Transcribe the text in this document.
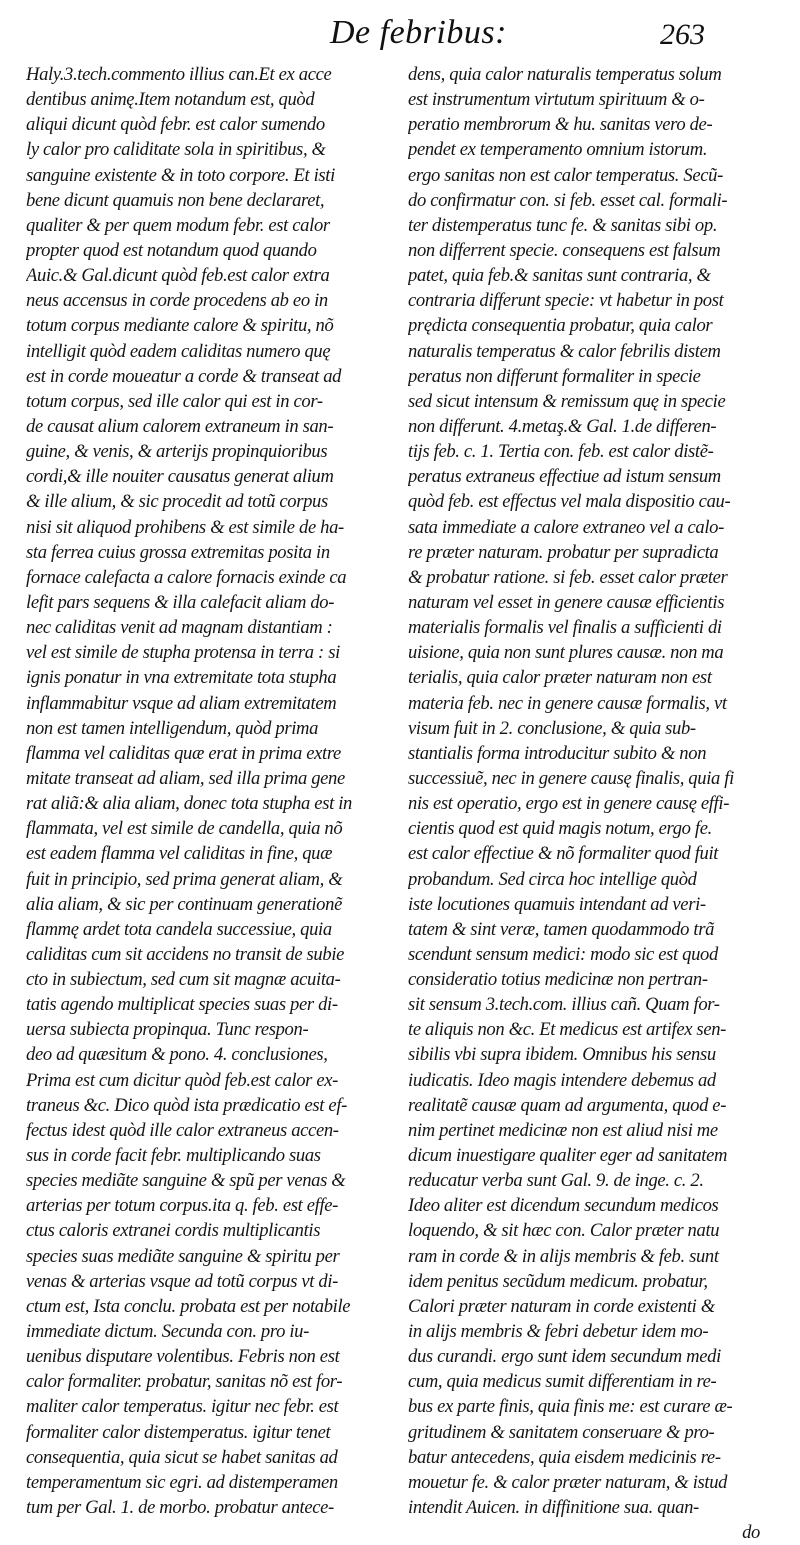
De febribus:	263
Haly.3.tech.commento illius can.Et ex acce
dentibus animę.Item notandum est, quòd
aliqui dicunt quòd febr. est calor sumendo
ly calor pro caliditate sola in spiritibus, &
sanguine existente & in toto corpore. Et isti
bene dicunt quamuis non bene declararet,
qualiter & per quem modum febr. est calor
propter quod est notandum quod quando
Auic.& Gal.dicunt quòd feb.est calor extra
neus accensus in corde procedens ab eo in
totum corpus mediante calore & spiritu, nõ
intelligit quòd eadem caliditas numero quę
est in corde moueatur a corde & transeat ad
totum corpus, sed ille calor qui est in cor-
de causat alium calorem extraneum in san-
guine, & venis, & arterijs propinquioribus
cordi,& ille nouiter causatus generat alium
& ille alium, & sic procedit ad totũ corpus
nisi sit aliquod prohibens & est simile de ha-
sta ferrea cuius grossa extremitas posita in
fornace calefacta a calore fornacis exinde ca
lefit pars sequens & illa calefacit aliam do-
nec caliditas venit ad magnam distantiam :
vel est simile de stupha protensa in terra : si
ignis ponatur in vna extremitate tota stupha
inflammabitur vsque ad aliam extremitatem
non est tamen intelligendum, quòd prima
flamma vel caliditas quæ erat in prima extre
mitate transeat ad aliam, sed illa prima gene
rat aliã:& alia aliam, donec tota stupha est in
flammata, vel est simile de candella, quia nõ
est eadem flamma vel caliditas in fine, quæ
fuit in principio, sed prima generat aliam, &
alia aliam, & sic per continuam generationẽ
flammę ardet tota candela successiue, quia
caliditas cum sit accidens no transit de subie
cto in subiectum, sed cum sit magnæ acuita-
tatis agendo multiplicat species suas per di-
uersa subiecta propinqua. Tunc respon-
deo ad quæsitum & pono. 4. conclusiones,
Prima est cum dicitur quòd feb.est calor ex-
traneus &c. Dico quòd ista prædicatio est ef-
fectus idest quòd ille calor extraneus accen-
sus in corde facit febr. multiplicando suas
species mediãte sanguine & spũ per venas &
arterias per totum corpus.ita q. feb. est effe-
ctus caloris extranei cordis multiplicantis
species suas mediãte sanguine & spiritu per
venas & arterias vsque ad totũ corpus vt di-
ctum est, Ista conclu. probata est per notabile
immediate dictum. Secunda con. pro iu-
uenibus disputare volentibus. Febris non est
calor formaliter. probatur, sanitas nõ est for-
maliter calor temperatus. igitur nec febr. est
formaliter calor distemperatus. igitur tenet
consequentia, quia sicut se habet sanitas ad
temperamentum sic egri. ad distemperamen
tum per Gal. 1. de morbo. probatur antece-
dens, quia calor naturalis temperatus solum
est instrumentum virtutum spirituum & o-
peratio membrorum & hu. sanitas vero de-
pendet ex temperamento omnium istorum.
ergo sanitas non est calor temperatus. Secũ-
do confirmatur con. si feb. esset cal. formali-
ter distemperatus tunc fe. & sanitas sibi op.
non differrent specie. consequens est falsum
patet, quia feb.& sanitas sunt contraria, &
contraria differunt specie: vt habetur in post
prędicta consequentia probatur, quia calor
naturalis temperatus & calor febrilis distem
peratus non differunt formaliter in specie
sed sicut intensum & remissum quę in specie
non differunt. 4.metaş.& Gal. 1.de differen-
tijs feb. c. 1. Tertia con. feb. est calor distẽ-
peratus extraneus effectiue ad istum sensum
quòd feb. est effectus vel mala dispositio cau-
sata immediate a calore extraneo vel a calo-
re præter naturam. probatur per supradicta
& probatur ratione. si feb. esset calor præter
naturam vel esset in genere causæ efficientis
materialis formalis vel finalis a sufficienti di
uisione, quia non sunt plures causæ. non ma
terialis, quia calor præter naturam non est
materia feb. nec in genere causæ formalis, vt
visum fuit in 2. conclusione, & quia sub-
stantialis forma introducitur subito & non
successiuẽ, nec in genere causę finalis, quia fi
nis est operatio, ergo est in genere causę effi-
cientis quod est quid magis notum, ergo fe.
est calor effectiue & nõ formaliter quod fuit
probandum. Sed circa hoc intellige quòd
iste locutiones quamuis intendant ad veri-
tatem & sint veræ, tamen quodammodo trã
scendunt sensum medici: modo sic est quod
consideratio totius medicinæ non pertran-
sit sensum 3.tech.com. illius cañ. Quam for-
te aliquis non &c. Et medicus est artifex sen-
sibilis vbi supra ibidem. Omnibus his sensu
iudicatis. Ideo magis intendere debemus ad
realitatẽ causæ quam ad argumenta, quod e-
nim pertinet medicinæ non est aliud nisi me
dicum inuestigare qualiter eger ad sanitatem
reducatur verba sunt Gal. 9. de inge. c. 2.
Ideo aliter est dicendum secundum medicos
loquendo, & sit hæc con. Calor præter natu
ram in corde & in alijs membris & feb. sunt
idem penitus secũdum medicum. probatur,
Calori præter naturam in corde existenti &
in alijs membris & febri debetur idem mo-
dus curandi. ergo sunt idem secundum medi
cum, quia medicus sumit differentiam in re-
bus ex parte finis, quia finis me: est curare æ-
gritudinem & sanitatem conseruare & pro-
batur antecedens, quia eisdem medicinis re-
mouetur fe. & calor præter naturam, & istud
intendit Auicen. in diffinitione sua. quan-
do
